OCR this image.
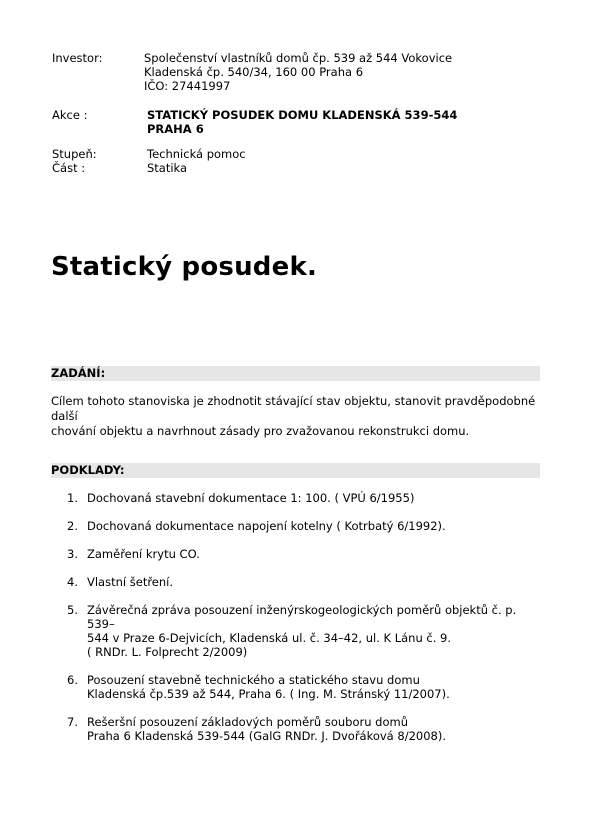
Investor:	Společenství vlastníků domů čp. 539 až 544 Vokovice
Kladenská čp. 540/34, 160 00 Praha 6
IČO: 27441997
Akce :	STATICKÝ POSUDEK DOMU KLADENSKÁ 539-544
PRAHA 6
Stupeň:	Technická pomoc
Část :	Statika
Statický posudek.
ZADÁNÍ:
Cílem tohoto stanoviska je zhodnotit stávající stav objektu, stanovit pravděpodobné další
chování objektu a navrhnout zásady pro zvažovanou rekonstrukci domu.
PODKLADY:
1. Dochovaná stavební dokumentace 1: 100. ( VPÚ 6/1955)
2. Dochovaná dokumentace napojení kotelny ( Kotrbatý 6/1992).
3. Zaměření krytu CO.
4. Vlastní šetření.
5. Závěrečná zpráva posouzení inženýrskogeologických poměrů objektů č. p. 539–
544 v Praze 6-Dejvicích, Kladenská ul. č. 34–42, ul. K Lánu č. 9.
( RNDr. L. Folprecht 2/2009)
6. Posouzení stavebně technického a statického stavu domu
Kladenská čp.539 až 544, Praha 6. ( Ing. M. Stránský 11/2007).
7. Rešeršní posouzení základových poměrů souboru domů
Praha 6 Kladenská 539-544 (GalG RNDr. J. Dvořáková 8/2008).
